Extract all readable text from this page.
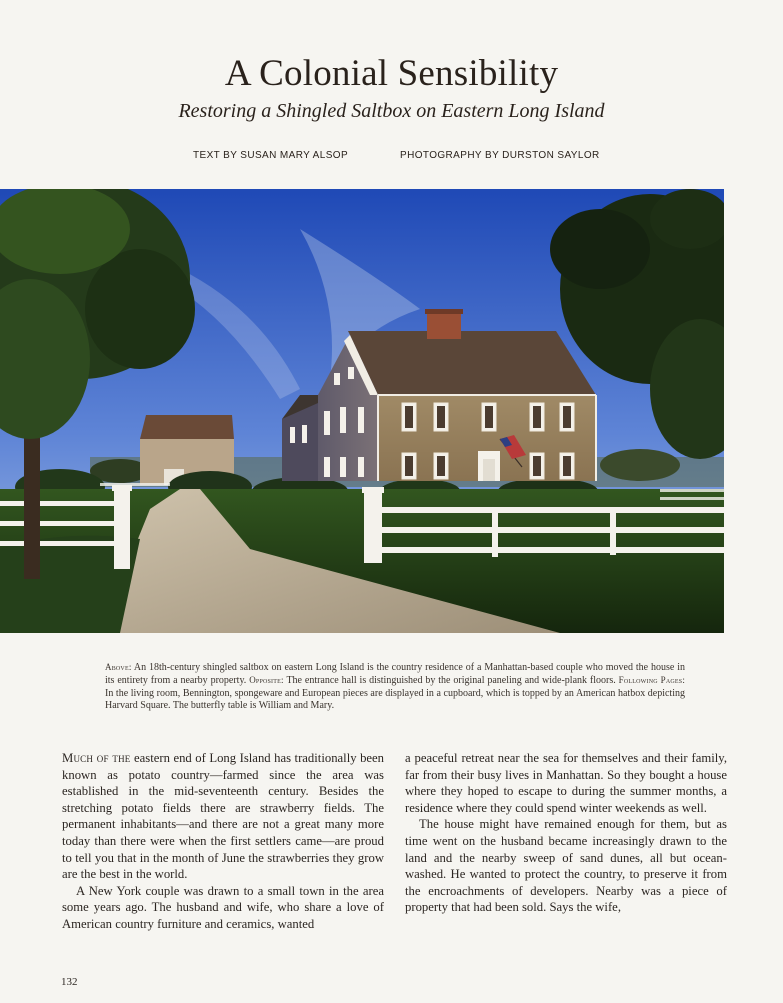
A Colonial Sensibility
Restoring a Shingled Saltbox on Eastern Long Island
TEXT BY SUSAN MARY ALSOP	PHOTOGRAPHY BY DURSTON SAYLOR
Above: An 18th-century shingled saltbox on eastern Long Island is the country residence of a Manhattan-based couple who moved the house in its entirety from a nearby property. Opposite: The entrance hall is distinguished by the original paneling and wide-plank floors. Following Pages: In the living room, Bennington, spongeware and European pieces are displayed in a cupboard, which is topped by an American hatbox depicting Harvard Square. The butterfly table is William and Mary.

Much of the eastern end of Long Island has traditionally been known as potato country—farmed since the area was established in the mid-seventeenth century. Besides the stretching potato fields there are strawberry fields. The permanent inhabitants—and there are not a great many more today than there were when the first settlers came—are proud to tell you that in the month of June the strawberries they grow are the best in the world.

A New York couple was drawn to a small town in the area some years ago. The husband and wife, who share a love of American country furniture and ceramics, wanted

a peaceful retreat near the sea for themselves and their family, far from their busy lives in Manhattan. So they bought a house where they hoped to escape to during the summer months, a residence where they could spend winter weekends as well.

The house might have remained enough for them, but as time went on the husband became increasingly drawn to the land and the nearby sweep of sand dunes, all but ocean-washed. He wanted to protect the country, to preserve it from the encroachments of developers. Nearby was a piece of property that had been sold. Says the wife,

132
